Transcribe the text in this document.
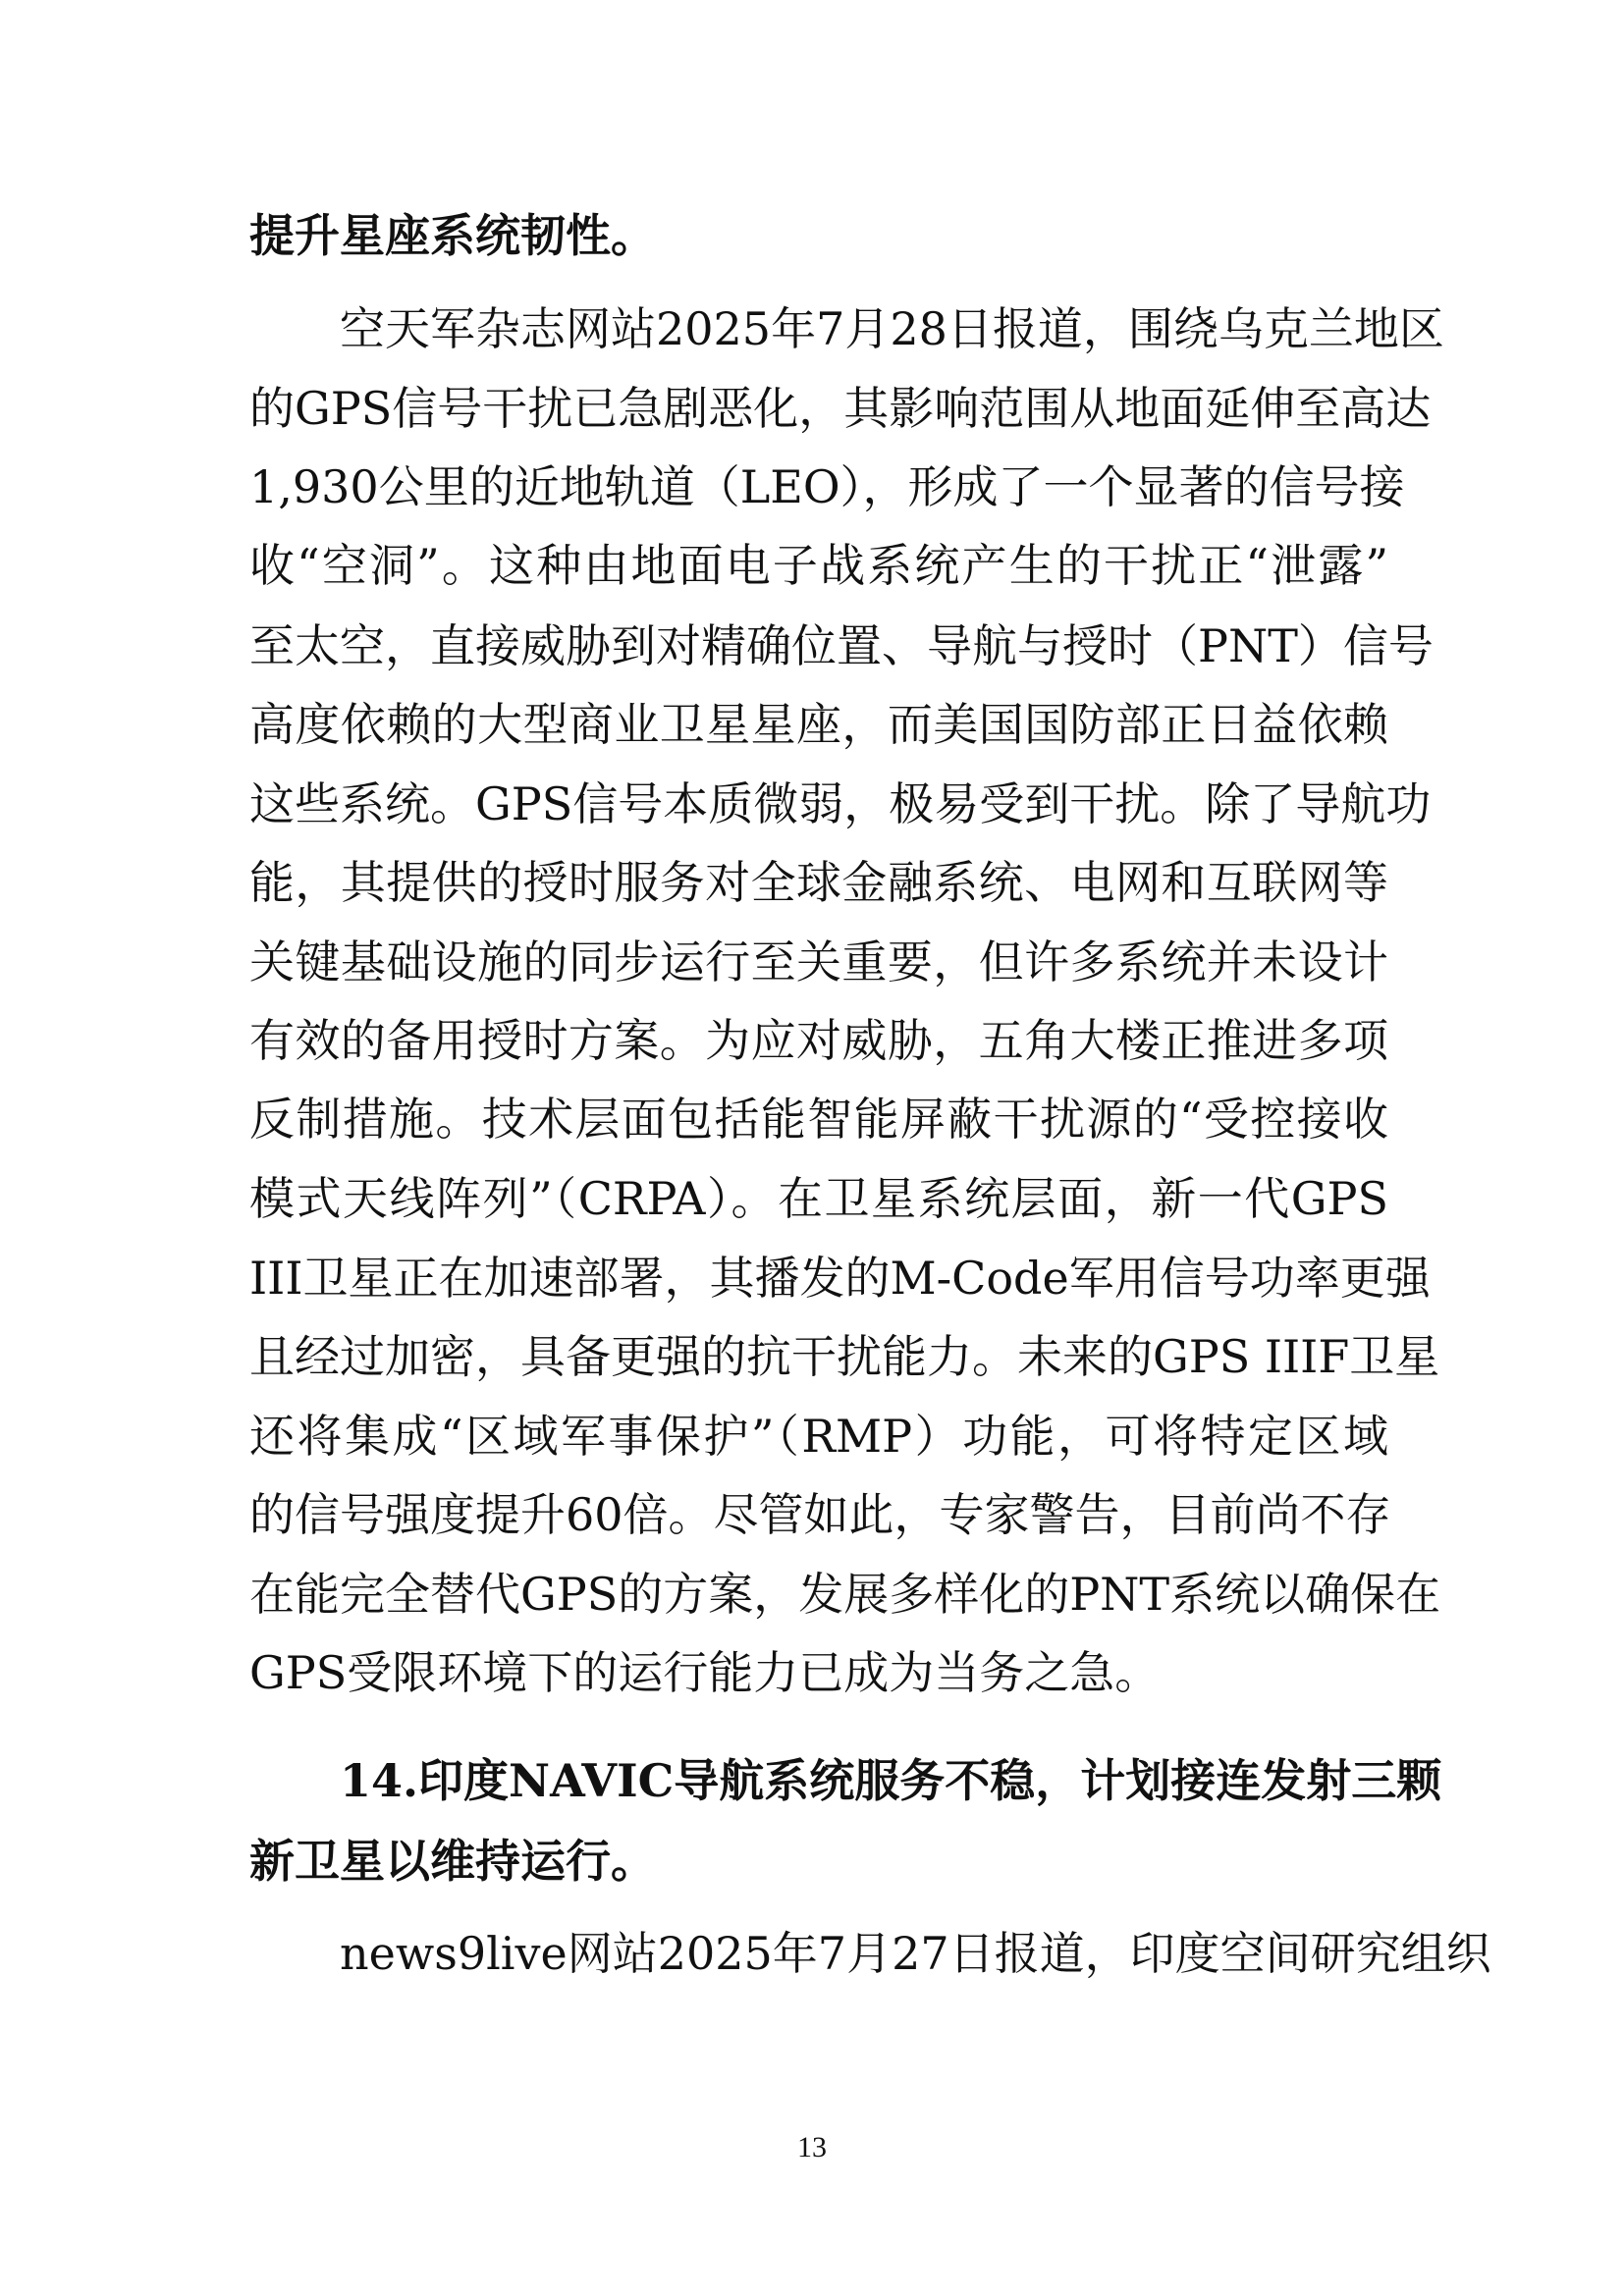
提升星座系统韧性。
空天军杂志网站2025年7月28日报道，围绕乌克兰地区
的GPS信号干扰已急剧恶化，其影响范围从地面延伸至高达
1,930公里的近地轨道（LEO），形成了一个显著的信号接
收“空洞”。这种由地面电子战系统产生的干扰正“泄露”
至太空，直接威胁到对精确位置、导航与授时（PNT）信号
高度依赖的大型商业卫星星座，而美国国防部正日益依赖
这些系统。GPS信号本质微弱，极易受到干扰。除了导航功
能，其提供的授时服务对全球金融系统、电网和互联网等
关键基础设施的同步运行至关重要，但许多系统并未设计
有效的备用授时方案。为应对威胁，五角大楼正推进多项
反制措施。技术层面包括能智能屏蔽干扰源的“受控接收
模式天线阵列”（CRPA）。在卫星系统层面，新一代GPS
III卫星正在加速部署，其播发的M-Code军用信号功率更强
且经过加密，具备更强的抗干扰能力。未来的GPS IIIF卫星
还将集成“区域军事保护”（RMP）功能，可将特定区域
的信号强度提升60倍。尽管如此，专家警告，目前尚不存
在能完全替代GPS的方案，发展多样化的PNT系统以确保在
GPS受限环境下的运行能力已成为当务之急。
14.印度NAVIC导航系统服务不稳，计划接连发射三颗
新卫星以维持运行。
news9live网站2025年7月27日报道，印度空间研究组织
13
